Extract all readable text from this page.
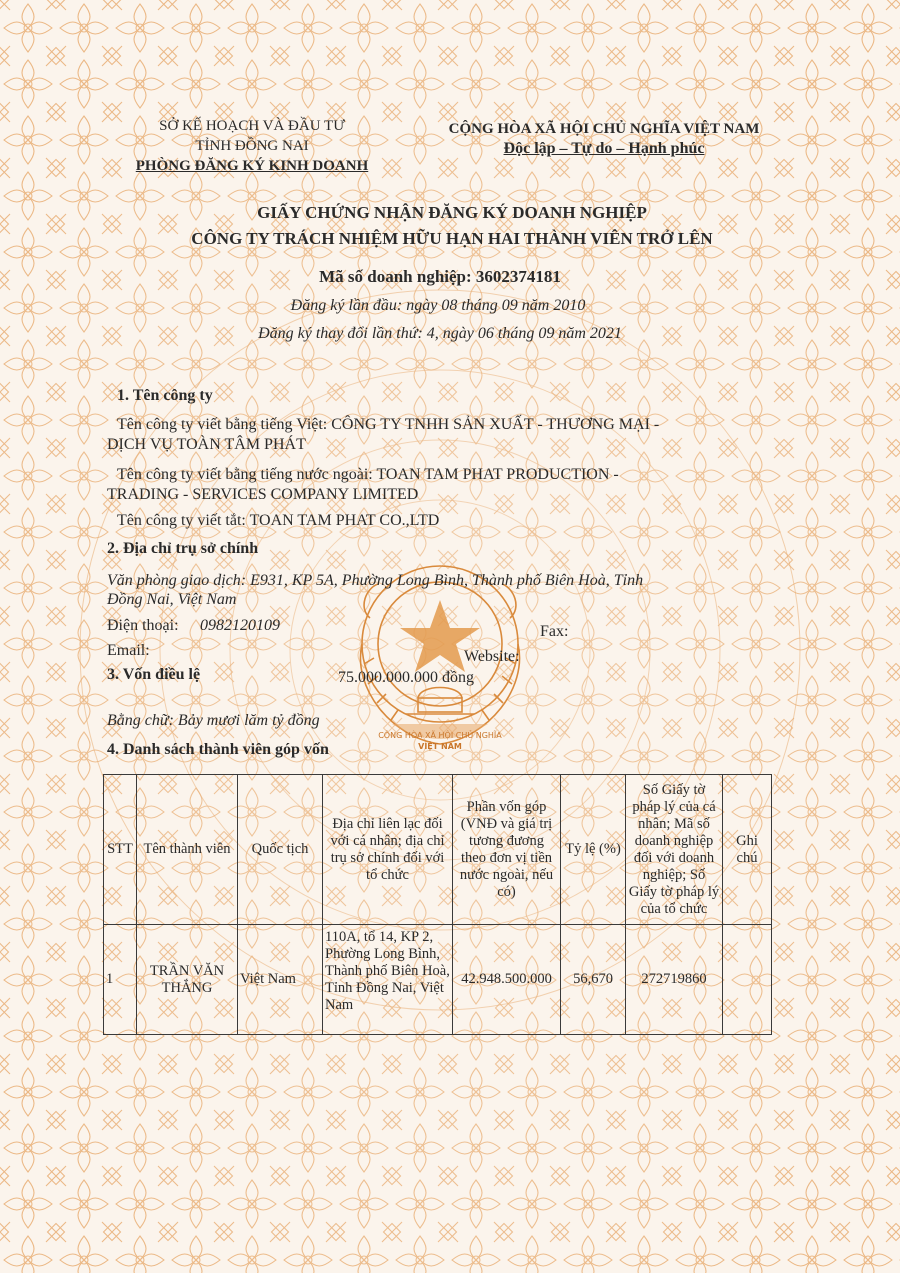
CỘNG HÒA XÃ HỘI CHỦ NGHĨA
VIỆT NAM
SỞ KẾ HOẠCH VÀ ĐẦU TƯ
TỈNH ĐỒNG NAI
PHÒNG ĐĂNG KÝ KINH DOANH
CỘNG HÒA XÃ HỘI CHỦ NGHĨA VIỆT NAM
Độc lập – Tự do – Hạnh phúc
GIẤY CHỨNG NHẬN ĐĂNG KÝ DOANH NGHIỆP
CÔNG TY TRÁCH NHIỆM HỮU HẠN HAI THÀNH VIÊN TRỞ LÊN
Mã số doanh nghiệp: 3602374181
Đăng ký lần đầu: ngày 08 tháng 09 năm 2010
Đăng ký thay đổi lần thứ: 4, ngày 06 tháng 09 năm 2021
1. Tên công ty
Tên công ty viết bằng tiếng Việt: CÔNG TY TNHH SẢN XUẤT - THƯƠNG MẠI -
DỊCH VỤ TOÀN TÂM PHÁT
Tên công ty viết bằng tiếng nước ngoài: TOAN TAM PHAT PRODUCTION -
TRADING - SERVICES COMPANY LIMITED
Tên công ty viết tắt: TOAN TAM PHAT CO.,LTD
2. Địa chỉ trụ sở chính
Văn phòng giao dịch: E931, KP 5A, Phường Long Bình, Thành phố Biên Hoà, Tỉnh
Đồng Nai, Việt Nam
Điện thoại: 0982120109	Fax:
Email:	Website:
3. Vốn điều lệ	75.000.000.000 đồng
Bằng chữ: Bảy mươi lăm tỷ đồng
4. Danh sách thành viên góp vốn
STT	Tên thành viên	Quốc tịch	Địa chỉ liên lạc đối với cá nhân; địa chỉ trụ sở chính đối với tổ chức	Phần vốn góp (VNĐ và giá trị tương đương theo đơn vị tiền nước ngoài, nếu có)	Tỷ lệ (%)	Số Giấy tờ pháp lý của cá nhân; Mã số doanh nghiệp đối với doanh nghiệp; Số Giấy tờ pháp lý của tổ chức	Ghi chú
1	TRẦN VĂN THẮNG	Việt Nam	110A, tổ 14, KP 2, Phường Long Bình, Thành phố Biên Hoà, Tỉnh Đồng Nai, Việt Nam	42.948.500.000	56,670	272719860	
